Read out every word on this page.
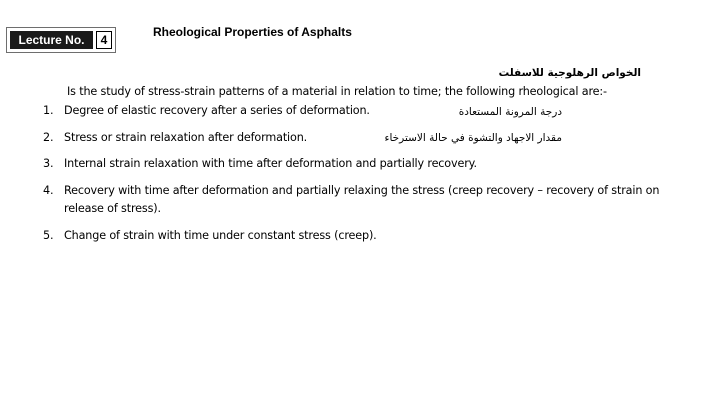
Lecture No.	4
Rheological Properties of Asphalts
الخواص الرهلوجية للاسفلت
Is the study of stress-strain patterns of a material in relation to time; the following rheological are:-
1. Degree of elastic recovery after a series of deformation.	درجة المرونة المستعادة
2. Stress or strain relaxation after deformation.	مقدار الاجهاد والتشوة في حالة الاسترخاء
3. Internal strain relaxation with time after deformation and partially recovery.
4. Recovery with time after deformation and partially relaxing the stress (creep recovery – recovery of strain on release of stress).
5. Change of strain with time under constant stress (creep).
